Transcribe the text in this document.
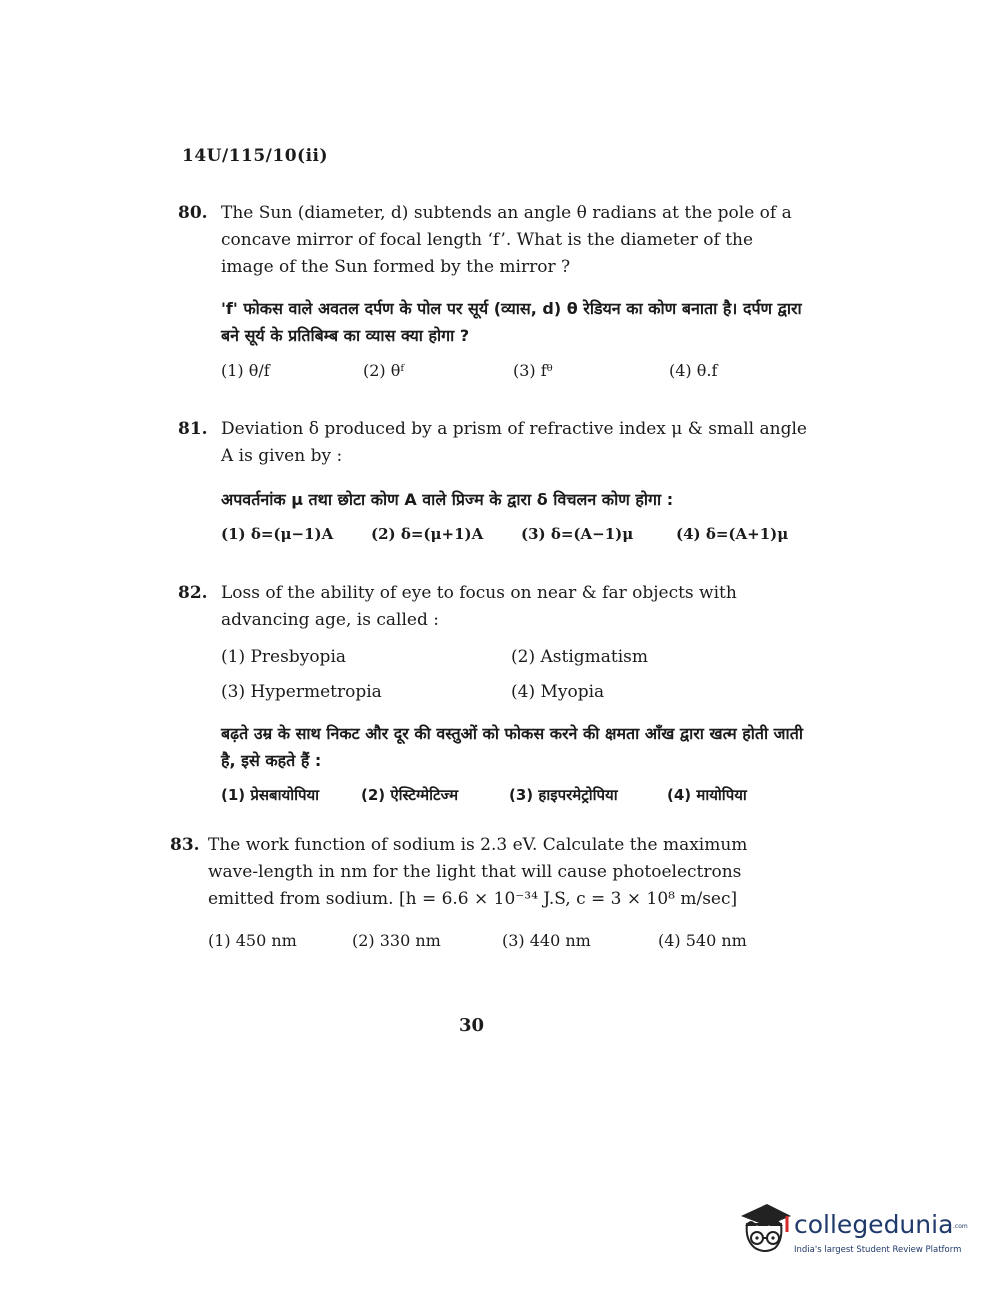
14U/115/10(ii)
80. The Sun (diameter, d) subtends an angle θ radians at the pole of a concave mirror of focal length ‘f’. What is the diameter of the image of the Sun formed by the mirror ?
'f' फोकस वाले अवतल दर्पण के पोल पर सूर्य (व्यास, d) θ रेडियन का कोण बनाता है। दर्पण द्वारा बने सूर्य के प्रतिबिम्ब का व्यास क्या होगा ?
(1) θ/f	(2) θᶠ	(3) fᶿ	(4) θ.f
81. Deviation δ produced by a prism of refractive index μ & small angle A is given by :
अपवर्तनांक μ तथा छोटा कोण A वाले प्रिज्म के द्वारा δ विचलन कोण होगा :
(1) δ=(μ−1)A	(2) δ=(μ+1)A	(3) δ=(A−1)μ	(4) δ=(A+1)μ
82. Loss of the ability of eye to focus on near & far objects with advancing age, is called :
(1) Presbyopia	(2) Astigmatism
(3) Hypermetropia	(4) Myopia
बढ़ते उम्र के साथ निकट और दूर की वस्तुओं को फोकस करने की क्षमता आँख द्वारा खत्म होती जाती है, इसे कहते हैं :
(1) प्रेसबायोपिया	(2) ऐस्टिग्मेटिज्म	(3) हाइपरमेट्रोपिया	(4) मायोपिया
83. The work function of sodium is 2.3 eV. Calculate the maximum wave-length in nm for the light that will cause photoelectrons emitted from sodium. [h = 6.6 × 10⁻³⁴ J.S, c = 3 × 10⁸ m/sec]
(1) 450 nm	(2) 330 nm	(3) 440 nm	(4) 540 nm
30
collegedunia .com
India's largest Student Review Platform
